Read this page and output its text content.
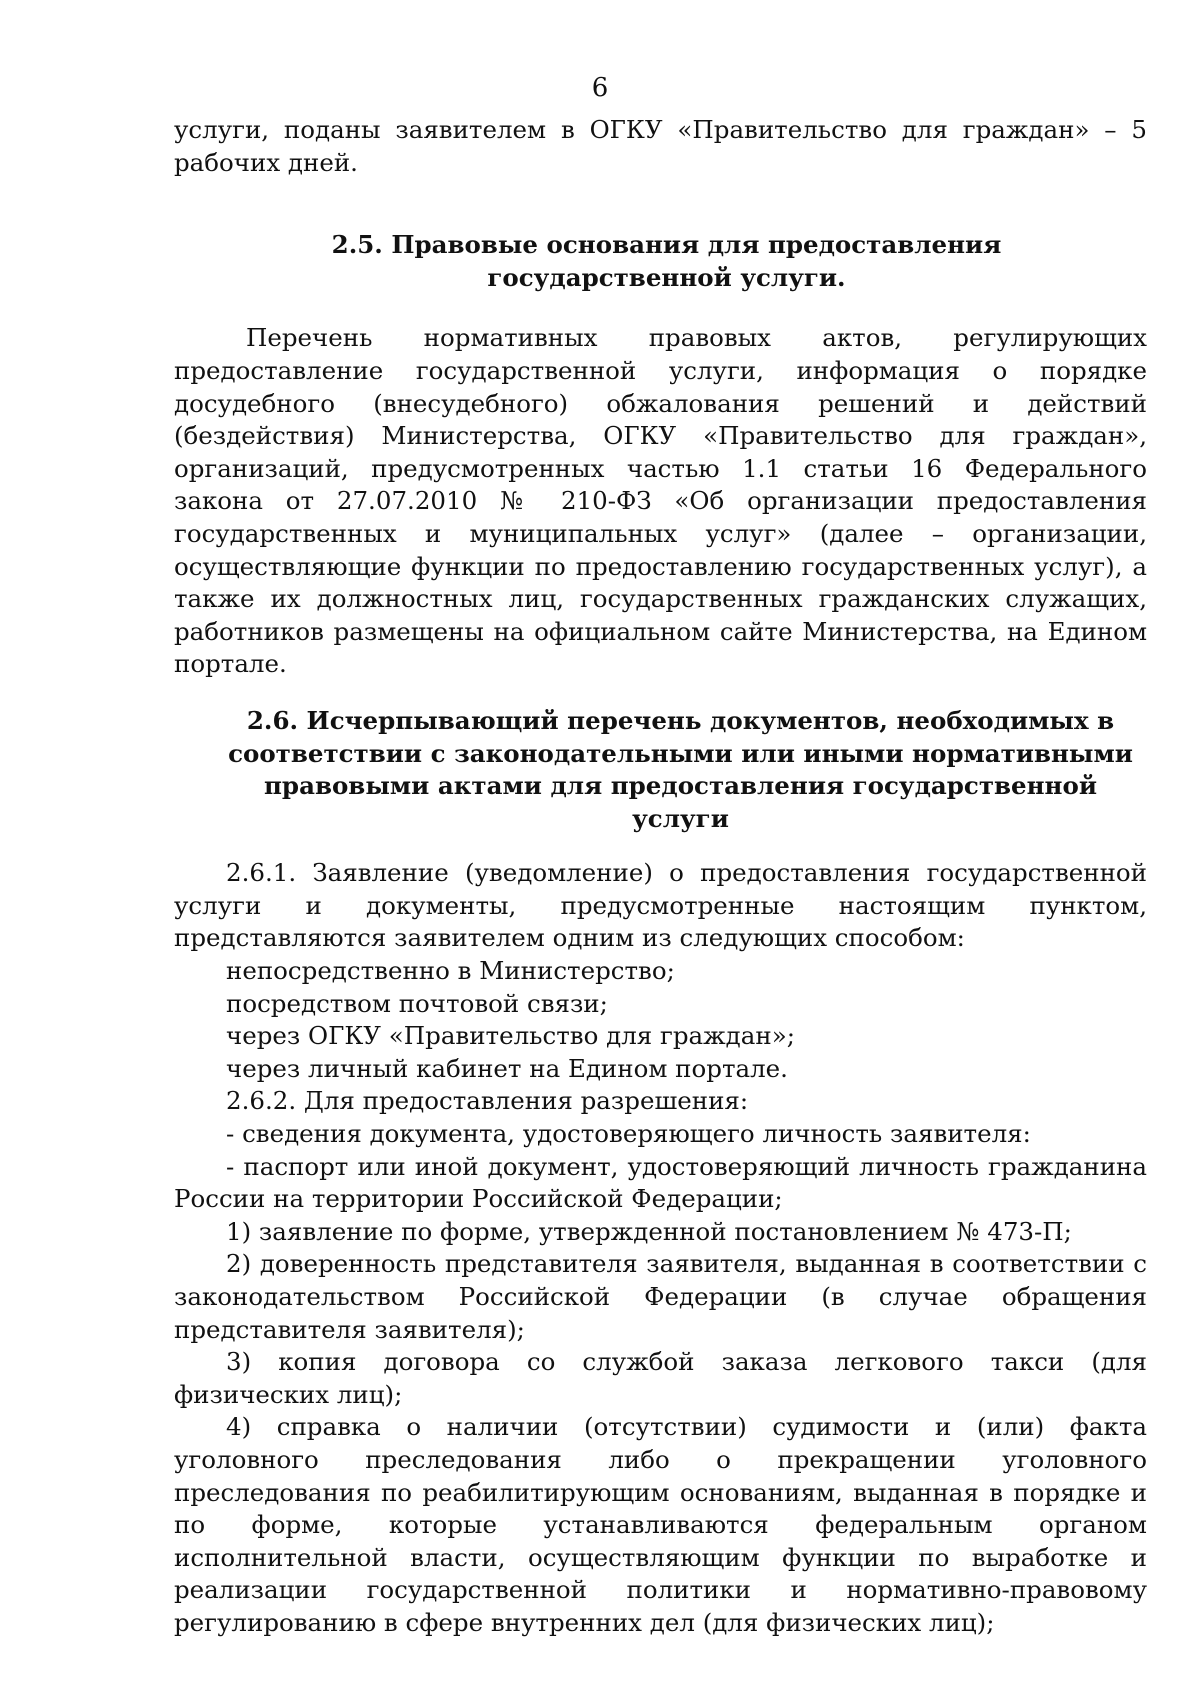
6

услуги, поданы заявителем в ОГКУ «Правительство для граждан» – 5 рабочих дней.

2.5. Правовые основания для предоставления
государственной услуги.

Перечень нормативных правовых актов, регулирующих предоставление государственной услуги, информация о порядке досудебного (внесудебного) обжалования решений и действий (бездействия) Министерства, ОГКУ «Правительство для граждан», организаций, предусмотренных частью 1.1 статьи 16 Федерального закона от 27.07.2010 № 210-ФЗ «Об организации предоставления государственных и муниципальных услуг» (далее – организации, осуществляющие функции по предоставлению государственных услуг), а также их должностных лиц, государственных гражданских служащих, работников размещены на официальном сайте Министерства, на Едином портале.

2.6. Исчерпывающий перечень документов, необходимых в
соответствии с законодательными или иными нормативными
правовыми актами для предоставления государственной услуги

2.6.1. Заявление (уведомление) о предоставления государственной услуги и документы, предусмотренные настоящим пунктом, представляются заявителем одним из следующих способом:

непосредственно в Министерство;

посредством почтовой связи;

через ОГКУ «Правительство для граждан»;

через личный кабинет на Едином портале.

2.6.2. Для предоставления разрешения:

- сведения документа, удостоверяющего личность заявителя:

- паспорт или иной документ, удостоверяющий личность гражданина России на территории Российской Федерации;

1) заявление по форме, утвержденной постановлением № 473-П;

2) доверенность представителя заявителя, выданная в соответствии с законодательством Российской Федерации (в случае обращения представителя заявителя);

3) копия договора со службой заказа легкового такси (для физических лиц);

4) справка о наличии (отсутствии) судимости и (или) факта уголовного преследования либо о прекращении уголовного преследования по реабилитирующим основаниям, выданная в порядке и по форме, которые устанавливаются федеральным органом исполнительной власти, осуществляющим функции по выработке и реализации государственной политики и нормативно-правовому регулированию в сфере внутренних дел (для физических лиц);
